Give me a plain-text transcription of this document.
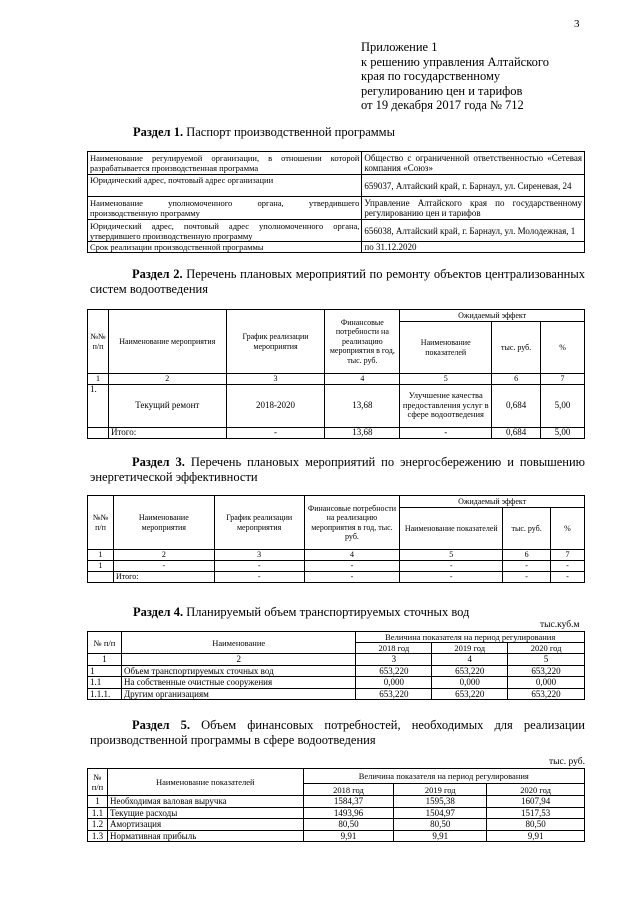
3
Приложение 1
к решению управления Алтайского
края по государственному
регулированию цен и тарифов
от 19 декабря 2017 года № 712
Раздел 1. Паспорт производственной программы
Наименование регулируемой организации, в отношении которой разрабатывается производственная программа	Общество с ограниченной ответственностью «Сетевая компания «Союз»
Юридический адрес, почтовый адрес организации	659037, Алтайский край, г. Барнаул, ул. Сиреневая, 24
Наименование уполномоченного органа, утвердившего производственную программу	Управление Алтайского края по государственному регулированию цен и тарифов
Юридический адрес, почтовый адрес уполномоченного органа, утвердившего производственную программу	656038, Алтайский край, г. Барнаул, ул. Молодежная, 1
Срок реализации производственной программы	по 31.12.2020
Раздел 2. Перечень плановых мероприятий по ремонту объектов централизованных систем водоотведения
№№ п/п	Наименование мероприятия	График реализации мероприятия	Финансовые потребности на реализацию мероприятия в год, тыс. руб.	Ожидаемый эффект		
				Наименование показателей	тыс. руб.	%
1	2	3	4	5	6	7
1.	Текущий ремонт	2018-2020	13,68	Улучшение качества предоставления услуг в сфере водоотведения	0,684	5,00
	Итого:	-	13,68	-	0,684	5,00
Раздел 3. Перечень плановых мероприятий по энергосбережению и повышению энергетической эффективности
№№ п/п	Наименование мероприятия	График реализации мероприятия	Финансовые потребности на реализацию мероприятия в год, тыс. руб.	Ожидаемый эффект		
				Наименование показателей	тыс. руб.	%
1	2	3	4	5	6	7
1	-	-	-	-	-	-
	Итого:	-	-	-	-	-
Раздел 4. Планируемый объем транспортируемых сточных вод
тыс.куб.м
№ п/п	Наименование	Величина показателя на период регулирования		
		2018 год	2019 год	2020 год
1	2	3	4	5
1	Объем транспортируемых сточных вод	653,220	653,220	653,220
1.1	На собственные очистные сооружения	0,000	0,000	0,000
1.1.1.	Другим организациям	653,220	653,220	653,220
Раздел 5. Объем финансовых потребностей, необходимых для реализации производственной программы в сфере водоотведения
тыс. руб.
№ п/п	Наименование показателей	Величина показателя на период регулирования		
		2018 год	2019 год	2020 год
1	Необходимая валовая выручка	1584,37	1595,38	1607,94
1.1	Текущие расходы	1493,96	1504,97	1517,53
1.2	Амортизация	80,50	80,50	80,50
1.3	Нормативная прибыль	9,91	9,91	9,91
